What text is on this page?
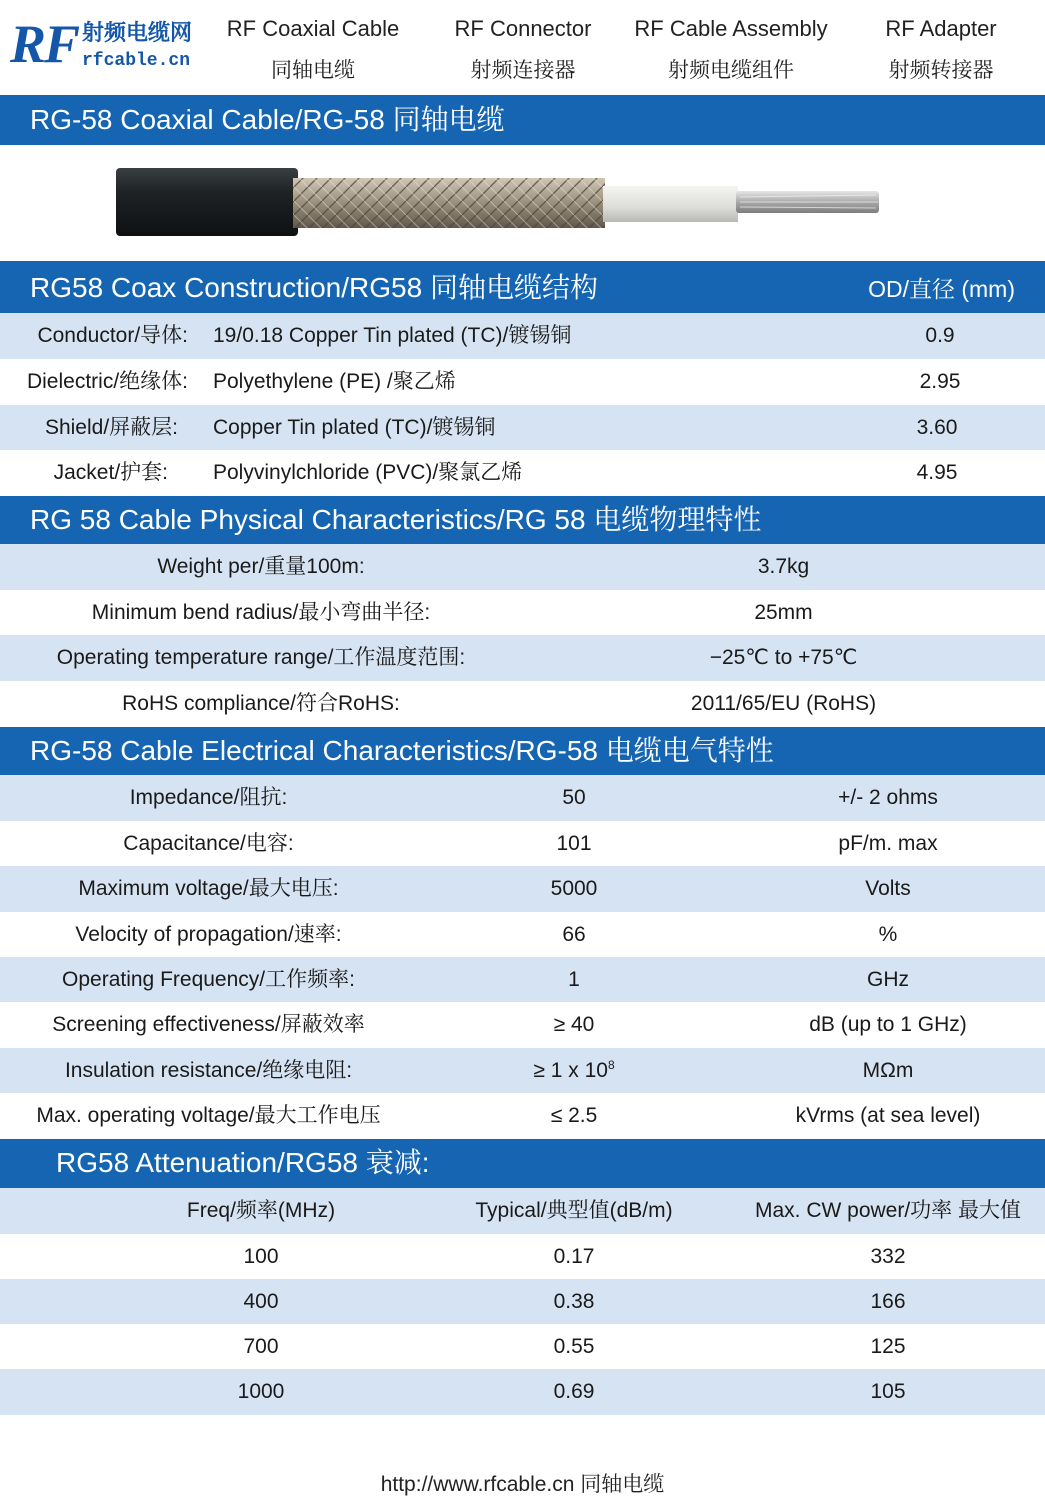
RF 射频电缆网
rfcable.cn
RF Coaxial Cable
同轴电缆
RF Connector
射频连接器
RF Cable Assembly
射频电缆组件
RF Adapter
射频转接器
RG-58 Coaxial Cable/RG-58 同轴电缆
RG58 Coax Construction/RG58 同轴电缆结构	OD/直径 (mm)
Conductor/导体: 19/0.18 Copper Tin plated (TC)/镀锡铜	0.9
Dielectric/绝缘体: Polyethylene (PE) /聚乙烯	2.95
Shield/屏蔽层: Copper Tin plated (TC)/镀锡铜	3.60
Jacket/护套: Polyvinylchloride (PVC)/聚氯乙烯	4.95
RG 58 Cable Physical Characteristics/RG 58 电缆物理特性
Weight per/重量100m:	3.7kg
Minimum bend radius/最小弯曲半径:	25mm
Operating temperature range/工作温度范围:	−25℃ to +75℃
RoHS compliance/符合RoHS:	2011/65/EU (RoHS)
RG-58 Cable Electrical Characteristics/RG-58 电缆电气特性
Impedance/阻抗:	50	+/- 2 ohms
Capacitance/电容:	101	pF/m. max
Maximum voltage/最大电压:	5000	Volts
Velocity of propagation/速率:	66	%
Operating Frequency/工作频率:	1	GHz
Screening effectiveness/屏蔽效率	≥ 40	dB (up to 1 GHz)
Insulation resistance/绝缘电阻:	≥ 1 x $10^8$	MΩm
Max. operating voltage/最大工作电压	≤ 2.5	kVrms (at sea level)
RG58 Attenuation/RG58 衰减:
Freq/频率(MHz)	Typical/典型值(dB/m)	Max. CW power/功率 最大值
100	0.17	332
400	0.38	166
700	0.55	125
1000	0.69	105
http://www.rfcable.cn 同轴电缆
